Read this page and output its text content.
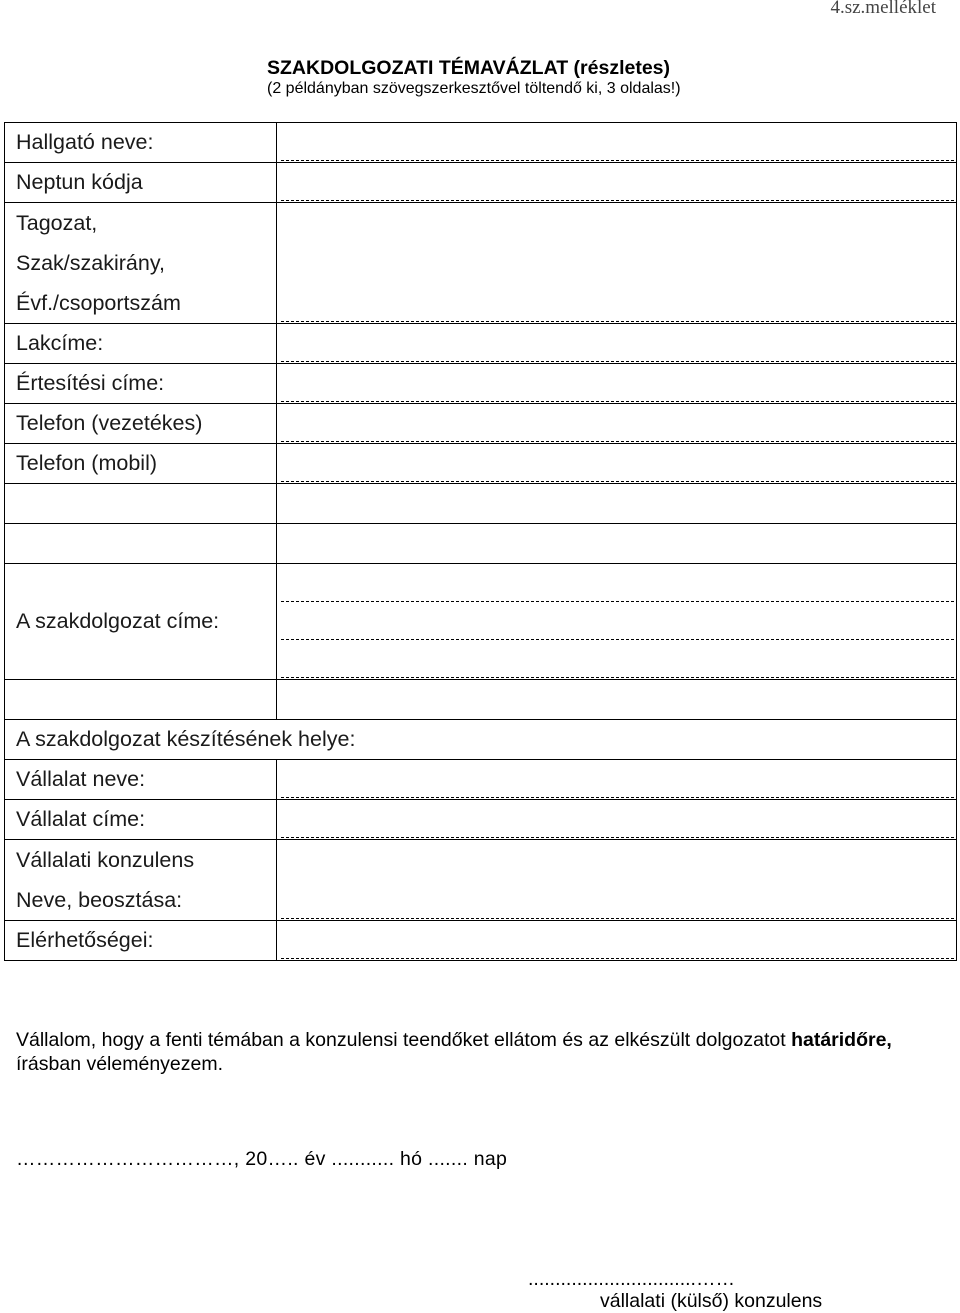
4.sz.melléklet
SZAKDOLGOZATI TÉMAVÁZLAT (részletes)
(2 példányban szövegszerkesztővel töltendő ki, 3 oldalas!)
Hallgató neve:	

Neptun kódja	

Tagozat,
Szak/szakirány,
Évf./csoportszám	

Lakcíme:	

Értesítési címe:	

Telefon (vezetékes)	

Telefon (mobil)	

A szakdolgozat címe:	

A szakdolgozat készítésének helye:	
Vállalat neve:	

Vállalat címe:	

Vállalati konzulens
Neve, beosztása:	

Elérhetőségei:	
Vállalom, hogy a fenti témában a konzulensi teendőket ellátom és az elkészült dolgozatot határidőre,
írásban véleményezem.
……………………………, 20….. év ........... hó ....... nap
...............................……
vállalati (külső) konzulens
